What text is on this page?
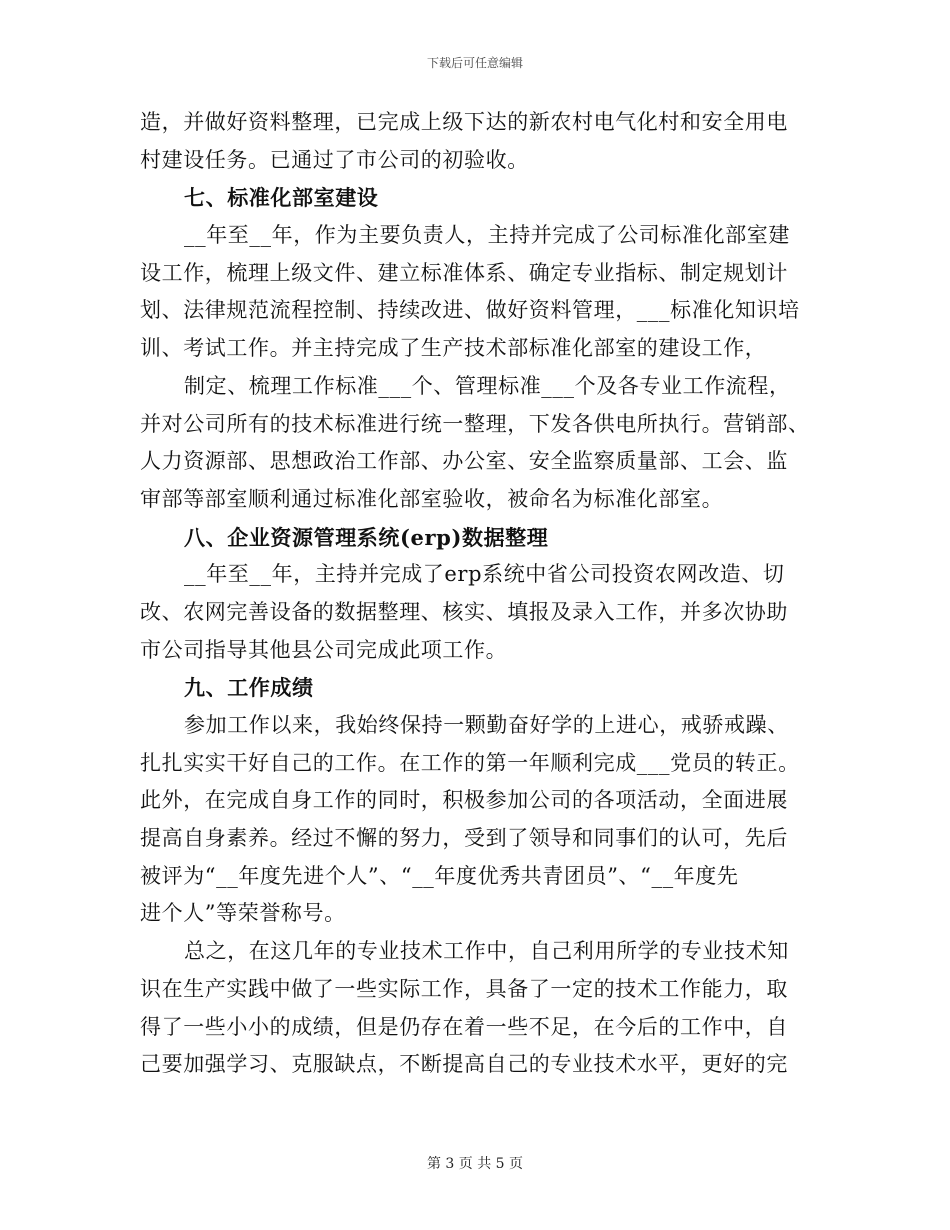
下载后可任意编辑
造，并做好资料整理，已完成上级下达的新农村电气化村和安全用电
村建设任务。已通过了市公司的初验收。
七、标准化部室建设
__年至__年，作为主要负责人，主持并完成了公司标准化部室建
设工作，梳理上级文件、建立标准体系、确定专业指标、制定规划计
划、法律规范流程控制、持续改进、做好资料管理，___标准化知识培
训、考试工作。并主持完成了生产技术部标准化部室的建设工作，
制定、梳理工作标准___个、管理标准___个及各专业工作流程，
并对公司所有的技术标准进行统一整理，下发各供电所执行。营销部、
人力资源部、思想政治工作部、办公室、安全监察质量部、工会、监
审部等部室顺利通过标准化部室验收，被命名为标准化部室。
八、企业资源管理系统(erp)数据整理
__年至__年，主持并完成了erp系统中省公司投资农网改造、切
改、农网完善设备的数据整理、核实、填报及录入工作，并多次协助
市公司指导其他县公司完成此项工作。
九、工作成绩
参加工作以来，我始终保持一颗勤奋好学的上进心，戒骄戒躁、
扎扎实实干好自己的工作。在工作的第一年顺利完成___党员的转正。
此外，在完成自身工作的同时，积极参加公司的各项活动，全面进展
提高自身素养。经过不懈的努力，受到了领导和同事们的认可，先后
被评为“__年度先进个人”、“__年度优秀共青团员”、“__年度先
进个人”等荣誉称号。
总之，在这几年的专业技术工作中，自己利用所学的专业技术知
识在生产实践中做了一些实际工作，具备了一定的技术工作能力，取
得了一些小小的成绩，但是仍存在着一些不足，在今后的工作中，自
己要加强学习、克服缺点，不断提高自己的专业技术水平，更好的完
第 3 页 共 5 页
